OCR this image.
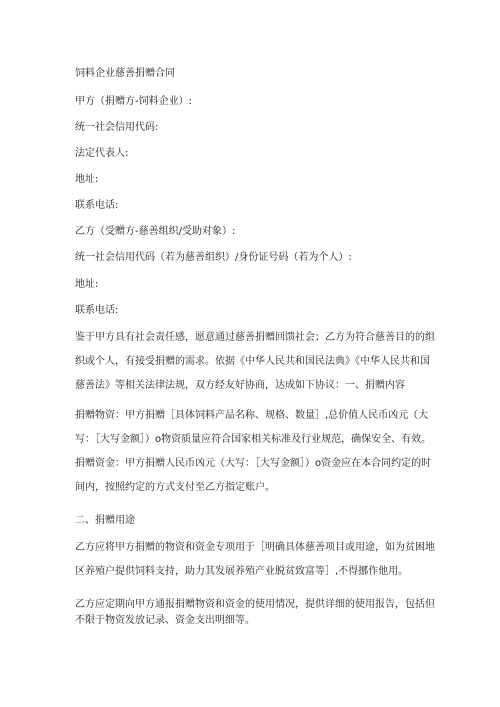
饲料企业慈善捐赠合同
甲方（捐赠方-饲料企业）:
统一社会信用代码:
法定代表人:
地址:
联系电话:
乙方（受赠方-慈善组织/受助对象）:
统一社会信用代码（若为慈善组织）/身份证号码（若为个人）:
地址:
联系电话:
鉴于甲方具有社会责任感，愿意通过慈善捐赠回馈社会；乙方为符合慈善目的的组织或个人，有接受捐赠的需求。依据《中华人民共和国民法典》《中华人民共和国慈善法》等相关法律法规，双方经友好协商，达成如下协议：一、捐赠内容
捐赠物资：甲方捐赠［具体饲料产品名称、规格、数量］,总价值人民币凶元（大写：［大写金额］）o物资质量应符合国家相关标准及行业规范，确保安全、有效。捐赠资金：甲方捐赠人民币凶元（大写：［大写金额］）o资金应在本合同约定的时间内，按照约定的方式支付至乙方指定账户。
二、捐赠用途
乙方应将甲方捐赠的物资和资金专项用于［明确具体慈善项目或用途，如为贫困地区养殖户提供饲料支持，助力其发展养殖产业脱贫致富等］,不得挪作他用。
乙方应定期向甲方通报捐赠物资和资金的使用情况，提供详细的使用报告，包括但不限于物资发放记录、资金支出明细等。
